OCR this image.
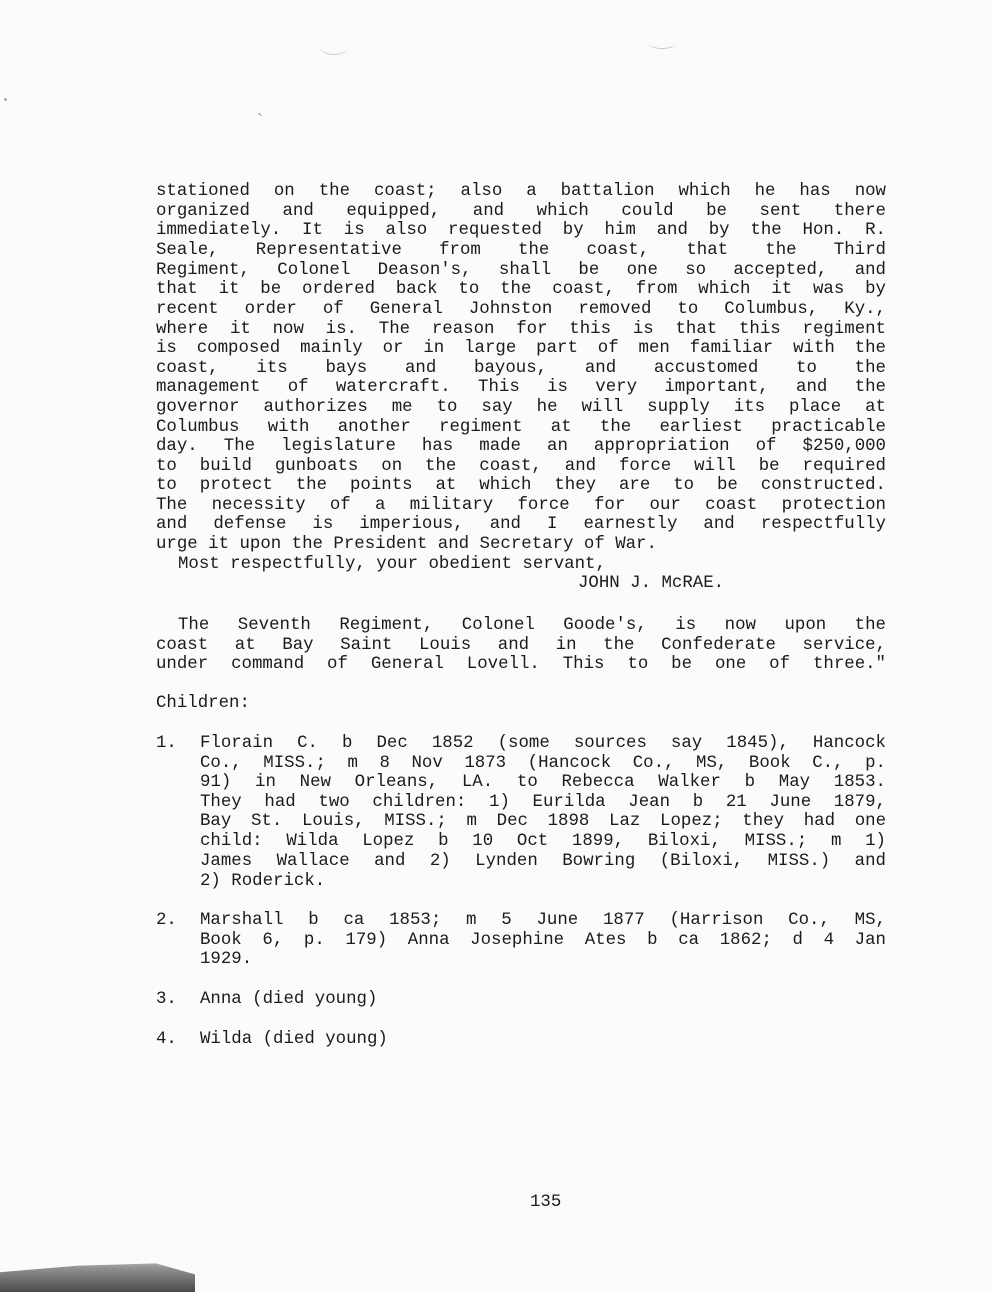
stationed on the coast; also a battalion which he has now
organized and equipped, and which could be sent there
immediately. It is also requested by him and by the Hon. R.
Seale, Representative from the coast, that the Third
Regiment, Colonel Deason's, shall be one so accepted, and
that it be ordered back to the coast, from which it was by
recent order of General Johnston removed to Columbus, Ky.,
where it now is. The reason for this is that this regiment
is composed mainly or in large part of men familiar with the
coast, its bays and bayous, and accustomed to the
management of watercraft. This is very important, and the
governor authorizes me to say he will supply its place at
Columbus with another regiment at the earliest practicable
day. The legislature has made an appropriation of $250,000
to build gunboats on the coast, and force will be required
to protect the points at which they are to be constructed.
The necessity of a military force for our coast protection
and defense is imperious, and I earnestly and respectfully
urge it upon the President and Secretary of War.
Most respectfully, your obedient servant,
JOHN J. McRAE.
The Seventh Regiment, Colonel Goode's, is now upon the
coast at Bay Saint Louis and in the Confederate service,
under command of General Lovell. This to be one of three."
Children:
1. Florain C. b Dec 1852 (some sources say 1845), Hancock
Co., MISS.; m 8 Nov 1873 (Hancock Co., MS, Book C., p.
91) in New Orleans, LA. to Rebecca Walker b May 1853.
They had two children: 1) Eurilda Jean b 21 June 1879,
Bay St. Louis, MISS.; m Dec 1898 Laz Lopez; they had one
child: Wilda Lopez b 10 Oct 1899, Biloxi, MISS.; m 1)
James Wallace and 2) Lynden Bowring (Biloxi, MISS.) and
2) Roderick.
2. Marshall b ca 1853; m 5 June 1877 (Harrison Co., MS,
Book 6, p. 179) Anna Josephine Ates b ca 1862; d 4 Jan
1929.
3. Anna (died young)
4. Wilda (died young)
135
